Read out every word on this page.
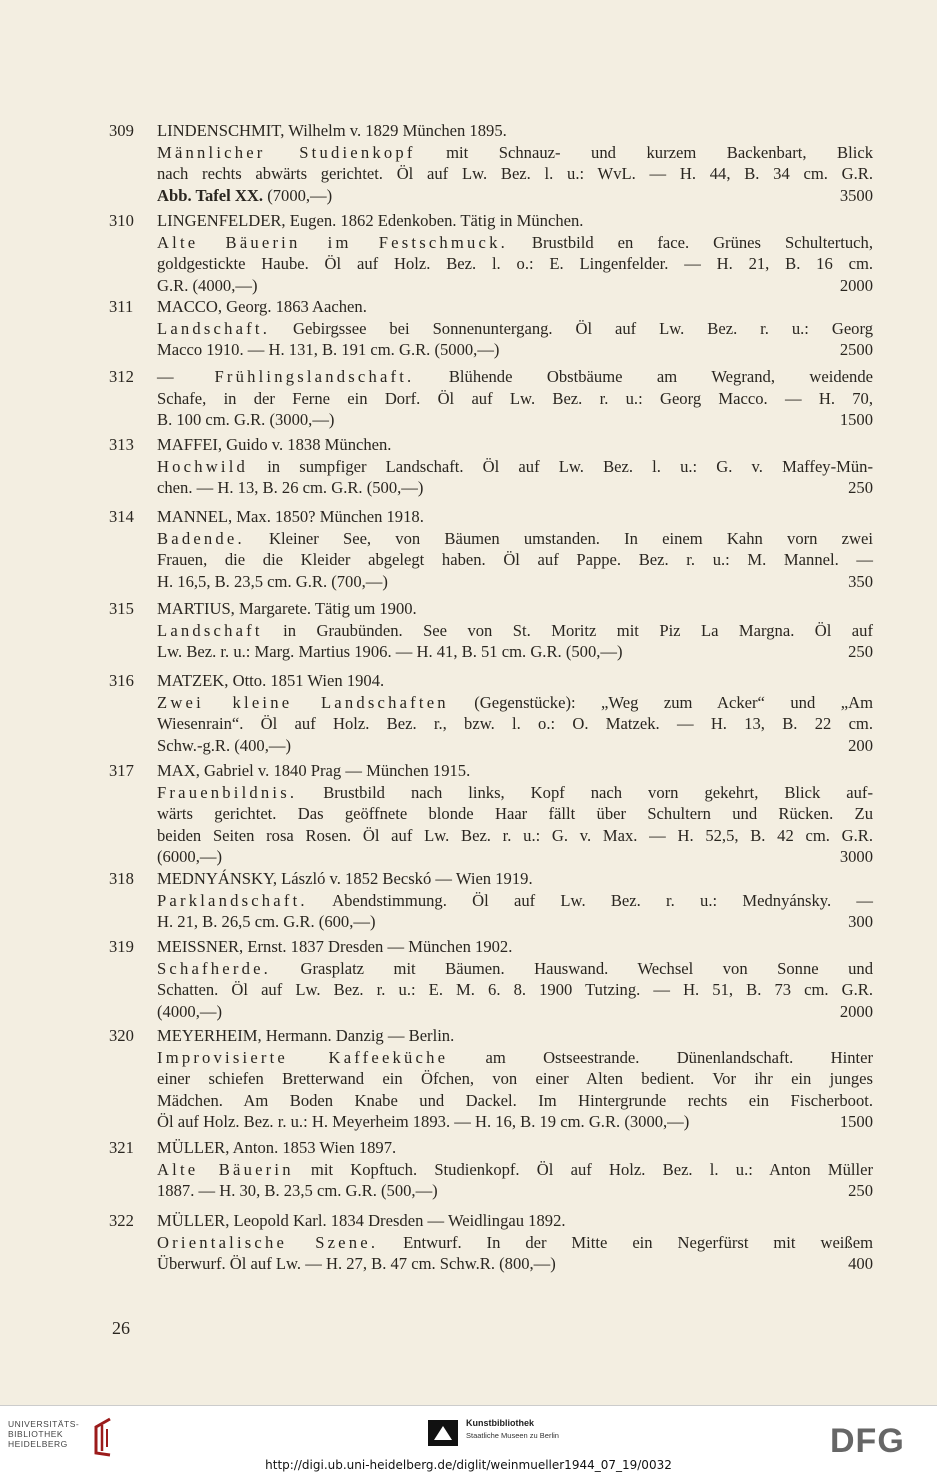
309	LINDENSCHMIT, Wilhelm v. 1829 München 1895.
Männlicher Studienkopf mit Schnauz- und kurzem Backenbart, Blick
nach rechts abwärts gerichtet. Öl auf Lw. Bez. l. u.: WvL. — H. 44, B. 34 cm. G.R.
Abb. Tafel XX. (7000,—)	3500
310	LINGENFELDER, Eugen. 1862 Edenkoben. Tätig in München.
Alte Bäuerin im Festschmuck. Brustbild en face. Grünes Schultertuch,
goldgestickte Haube. Öl auf Holz. Bez. l. o.: E. Lingenfelder. — H. 21, B. 16 cm.
G.R. (4000,—)	2000
311	MACCO, Georg. 1863 Aachen.
Landschaft. Gebirgssee bei Sonnenuntergang. Öl auf Lw. Bez. r. u.: Georg
Macco 1910. — H. 131, B. 191 cm. G.R. (5000,—)	2500
312	— Frühlingslandschaft. Blühende Obstbäume am Wegrand, weidende
Schafe, in der Ferne ein Dorf. Öl auf Lw. Bez. r. u.: Georg Macco. — H. 70,
B. 100 cm. G.R. (3000,—)	1500
313	MAFFEI, Guido v. 1838 München.
Hochwild in sumpfiger Landschaft. Öl auf Lw. Bez. l. u.: G. v. Maffey-Mün-
chen. — H. 13, B. 26 cm. G.R. (500,—)	250
314	MANNEL, Max. 1850? München 1918.
Badende. Kleiner See, von Bäumen umstanden. In einem Kahn vorn zwei
Frauen, die die Kleider abgelegt haben. Öl auf Pappe. Bez. r. u.: M. Mannel. —
H. 16,5, B. 23,5 cm. G.R. (700,—)	350
315	MARTIUS, Margarete. Tätig um 1900.
Landschaft in Graubünden. See von St. Moritz mit Piz La Margna. Öl auf
Lw. Bez. r. u.: Marg. Martius 1906. — H. 41, B. 51 cm. G.R. (500,—)	250
316	MATZEK, Otto. 1851 Wien 1904.
Zwei kleine Landschaften (Gegenstücke): „Weg zum Acker“ und „Am
Wiesenrain“. Öl auf Holz. Bez. r., bzw. l. o.: O. Matzek. — H. 13, B. 22 cm.
Schw.-g.R. (400,—)	200
317	MAX, Gabriel v. 1840 Prag — München 1915.
Frauenbildnis. Brustbild nach links, Kopf nach vorn gekehrt, Blick auf-
wärts gerichtet. Das geöffnete blonde Haar fällt über Schultern und Rücken. Zu
beiden Seiten rosa Rosen. Öl auf Lw. Bez. r. u.: G. v. Max. — H. 52,5, B. 42 cm. G.R.
(6000,—)	3000
318	MEDNYÁNSKY, László v. 1852 Becskó — Wien 1919.
Parklandschaft. Abendstimmung. Öl auf Lw. Bez. r. u.: Mednyánsky. —
H. 21, B. 26,5 cm. G.R. (600,—)	300
319	MEISSNER, Ernst. 1837 Dresden — München 1902.
Schafherde. Grasplatz mit Bäumen. Hauswand. Wechsel von Sonne und
Schatten. Öl auf Lw. Bez. r. u.: E. M. 6. 8. 1900 Tutzing. — H. 51, B. 73 cm. G.R.
(4000,—)	2000
320	MEYERHEIM, Hermann. Danzig — Berlin.
Improvisierte Kaffeeküche am Ostseestrande. Dünenlandschaft. Hinter
einer schiefen Bretterwand ein Öfchen, von einer Alten bedient. Vor ihr ein junges
Mädchen. Am Boden Knabe und Dackel. Im Hintergrunde rechts ein Fischerboot.
Öl auf Holz. Bez. r. u.: H. Meyerheim 1893. — H. 16, B. 19 cm. G.R. (3000,—)	1500
321	MÜLLER, Anton. 1853 Wien 1897.
Alte Bäuerin mit Kopftuch. Studienkopf. Öl auf Holz. Bez. l. u.: Anton Müller
1887. — H. 30, B. 23,5 cm. G.R. (500,—)	250
322	MÜLLER, Leopold Karl. 1834 Dresden — Weidlingau 1892.
Orientalische Szene. Entwurf. In der Mitte ein Negerfürst mit weißem
Überwurf. Öl auf Lw. — H. 27, B. 47 cm. Schw.R. (800,—)	400
26
UNIVERSITÄTS-
BIBLIOTHEK
HEIDELBERG
Kunstbibliothek
Staatliche Museen zu Berlin	DFG
http://digi.ub.uni-heidelberg.de/diglit/weinmueller1944_07_19/0032
